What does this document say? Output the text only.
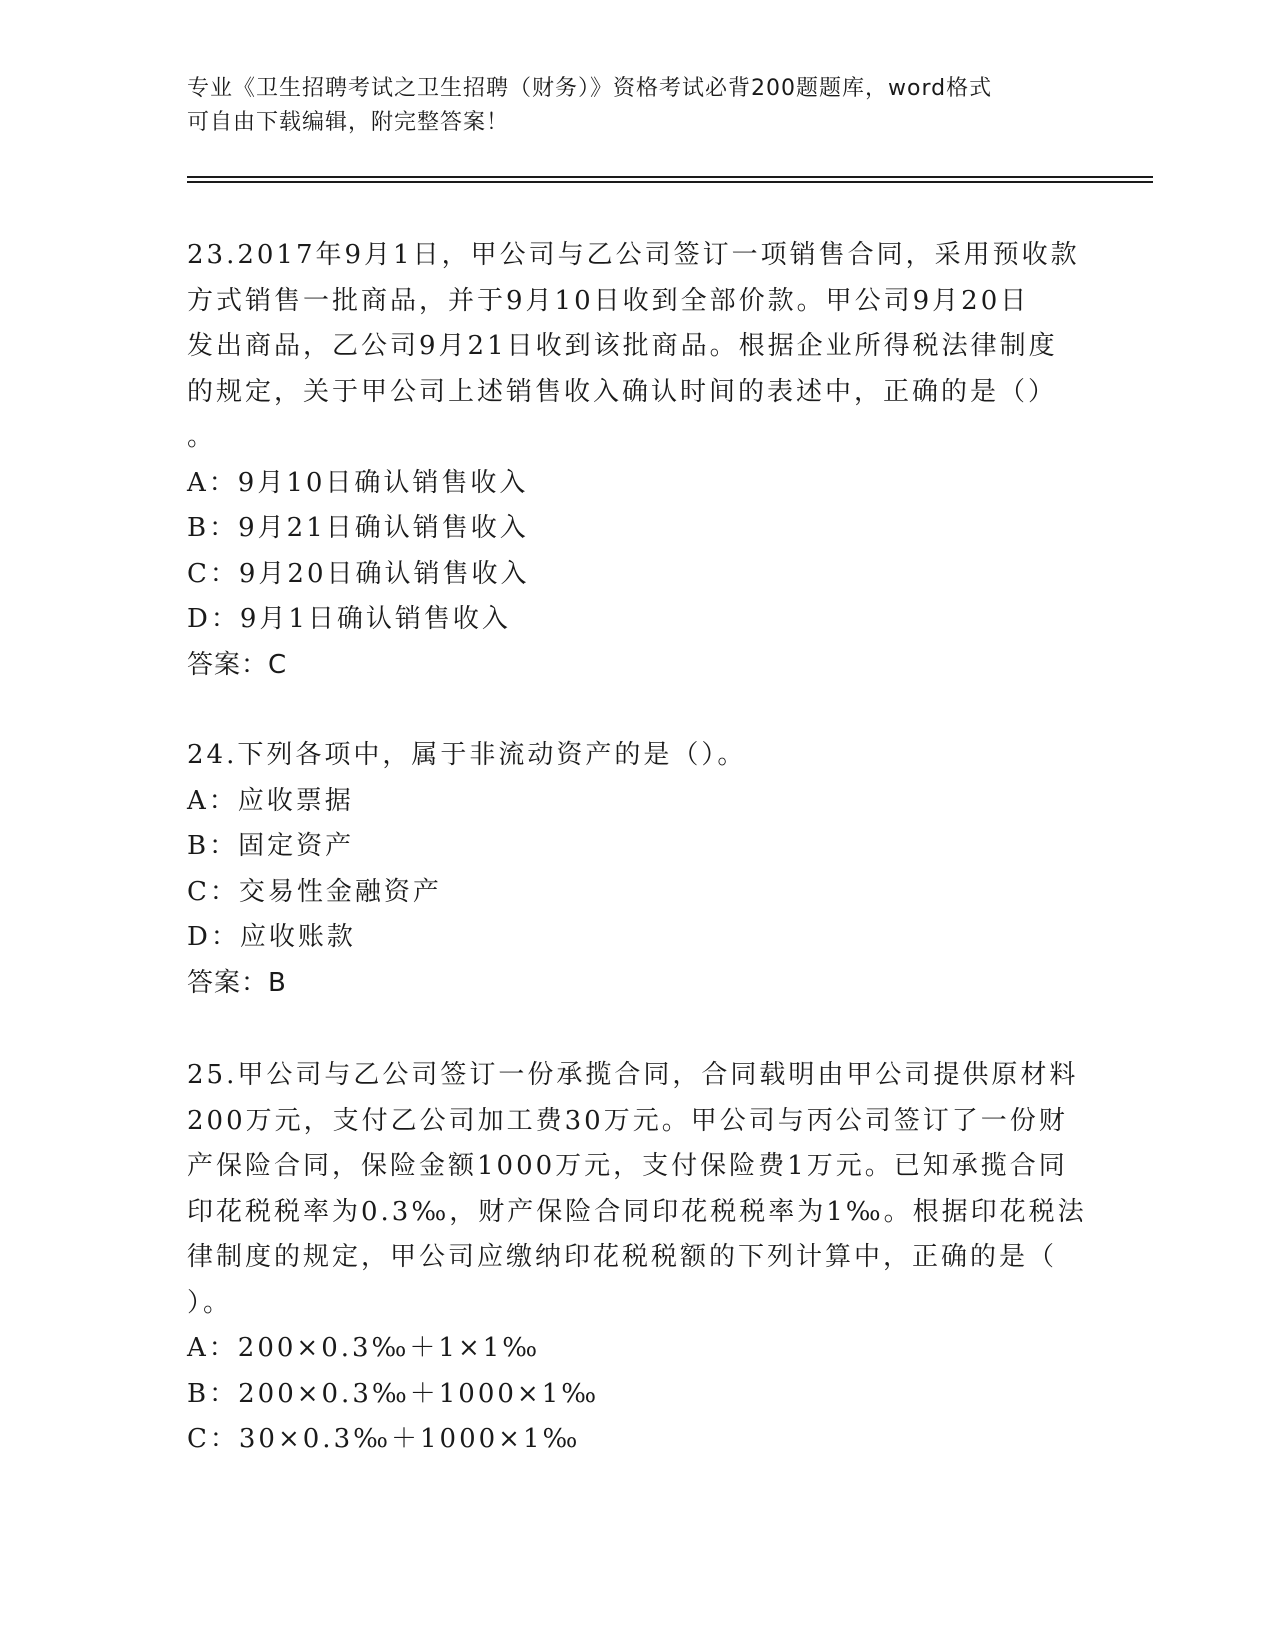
专业《卫生招聘考试之卫生招聘（财务）》资格考试必背200题题库，word格式
可自由下载编辑，附完整答案！
23.2017年9月1日，甲公司与乙公司签订一项销售合同，采用预收款
方式销售一批商品，并于9月10日收到全部价款。甲公司9月20日
发出商品，乙公司9月21日收到该批商品。根据企业所得税法律制度
的规定，关于甲公司上述销售收入确认时间的表述中，正确的是（）
。
A：9月10日确认销售收入
B：9月21日确认销售收入
C：9月20日确认销售收入
D：9月1日确认销售收入
答案：C
24.下列各项中，属于非流动资产的是（）。
A：应收票据
B：固定资产
C：交易性金融资产
D：应收账款
答案：B
25.甲公司与乙公司签订一份承揽合同，合同载明由甲公司提供原材料
200万元，支付乙公司加工费30万元。甲公司与丙公司签订了一份财
产保险合同，保险金额1000万元，支付保险费1万元。已知承揽合同
印花税税率为0.3‰，财产保险合同印花税税率为1‰。根据印花税法
律制度的规定，甲公司应缴纳印花税税额的下列计算中，正确的是（
）。
A：200×0.3‰＋1×1‰
B：200×0.3‰＋1000×1‰
C：30×0.3‰＋1000×1‰
